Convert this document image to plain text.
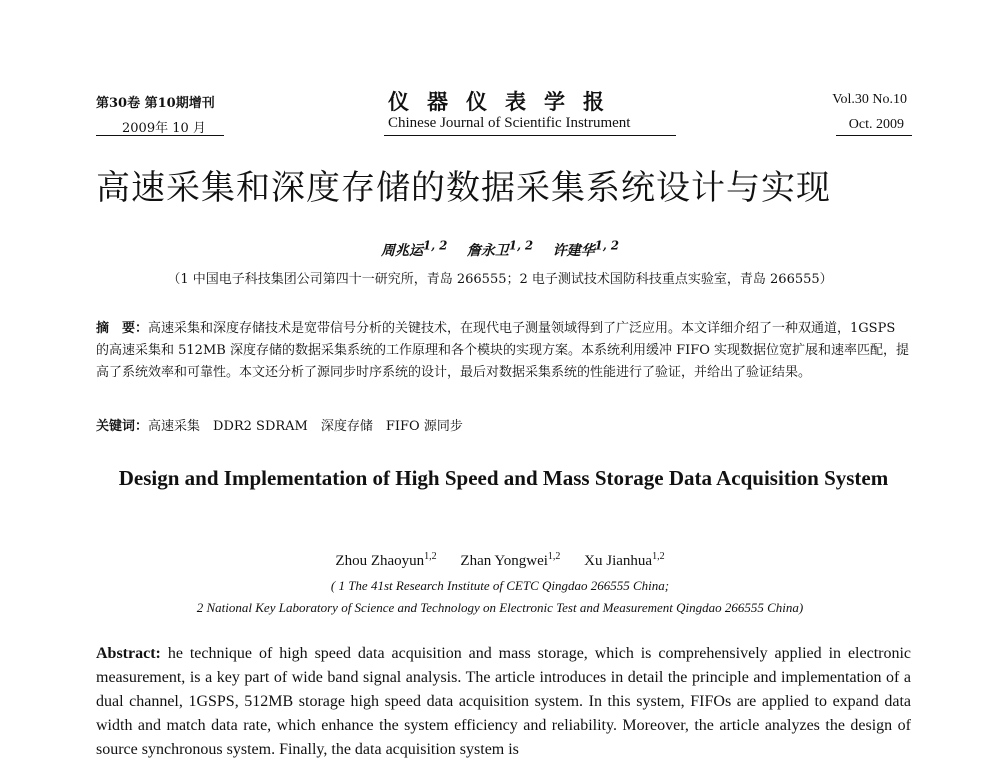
第30卷 第10期增刊
2009年 10 月
仪器仪表学报
Chinese Journal of Scientific Instrument
Vol.30 No.10
Oct. 2009
高速采集和深度存储的数据采集系统设计与实现
周兆运$^{1, 2}$ 詹永卫$^{1, 2}$ 许建华$^{1, 2}$
（1 中国电子科技集团公司第四十一研究所，青岛 266555；2 电子测试技术国防科技重点实验室，青岛 266555）
摘　要：高速采集和深度存储技术是宽带信号分析的关键技术，在现代电子测量领域得到了广泛应用。本文详细介绍了一种双通道，1GSPS 的高速采集和 512MB 深度存储的数据采集系统的工作原理和各个模块的实现方案。本系统利用缓冲 FIFO 实现数据位宽扩展和速率匹配，提高了系统效率和可靠性。本文还分析了源同步时序系统的设计，最后对数据采集系统的性能进行了验证，并给出了验证结果。
关键词：高速采集　DDR2 SDRAM　深度存储　FIFO 源同步
Design and Implementation of High Speed and Mass Storage Data Acquisition System
Zhou Zhaoyun$^{1,2}$ Zhan Yongwei$^{1,2}$ Xu Jianhua$^{1,2}$
( 1 The 41st Research Institute of CETC Qingdao 266555 China;
2 National Key Laboratory of Science and Technology on Electronic Test and Measurement Qingdao 266555 China)
Abstract: he technique of high speed data acquisition and mass storage, which is comprehensively applied in electronic measurement, is a key part of wide band signal analysis. The article introduces in detail the principle and implementation of a dual channel, 1GSPS, 512MB storage high speed data acquisition system. In this system, FIFOs are applied to expand data width and match data rate, which enhance the system efficiency and reliability. Moreover, the article analyzes the design of source synchronous system. Finally, the data acquisition system is
